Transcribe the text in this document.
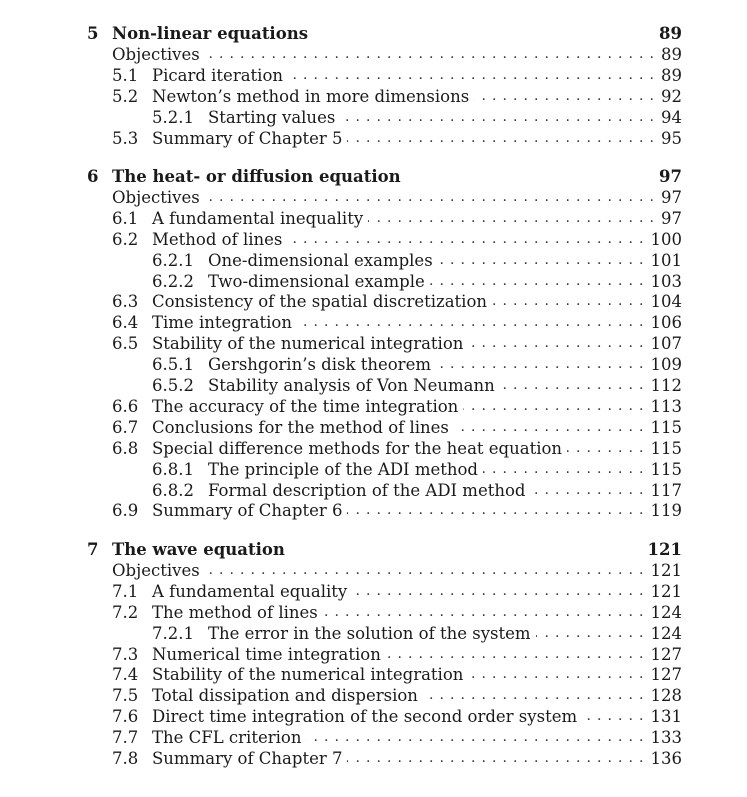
5 Non-linear equations	89
. . .
Objectives	89
. . .
5.1 Picard iteration	89
. . .
5.2 Newton’s method in more dimensions	92
. . .
5.2.1 Starting values	94
. . .
5.3 Summary of Chapter 5	95
6 The heat- or diffusion equation	97
. . .
Objectives	97
. . .
6.1 A fundamental inequality	97
. . .
6.2 Method of lines	100
. . .
6.2.1 One-dimensional examples	101
. . .
6.2.2 Two-dimensional example	103
. . .
6.3 Consistency of the spatial discretization	104
. . .
6.4 Time integration	106
. . .
6.5 Stability of the numerical integration	107
. . .
6.5.1 Gershgorin’s disk theorem	109
. . .
6.5.2 Stability analysis of Von Neumann	112
. . .
6.6 The accuracy of the time integration	113
. . .
6.7 Conclusions for the method of lines	115
. . .
6.8 Special difference methods for the heat equation	115
. . .
6.8.1 The principle of the ADI method	115
. . .
6.8.2 Formal description of the ADI method	117
. . .
6.9 Summary of Chapter 6	119
7 The wave equation	121
. . .
Objectives	121
. . .
7.1 A fundamental equality	121
. . .
7.2 The method of lines	124
. . .
7.2.1 The error in the solution of the system	124
. . .
7.3 Numerical time integration	127
. . .
7.4 Stability of the numerical integration	127
. . .
7.5 Total dissipation and dispersion	128
. . .
7.6 Direct time integration of the second order system	131
. . .
7.7 The CFL criterion	133
. . .
7.8 Summary of Chapter 7	136
